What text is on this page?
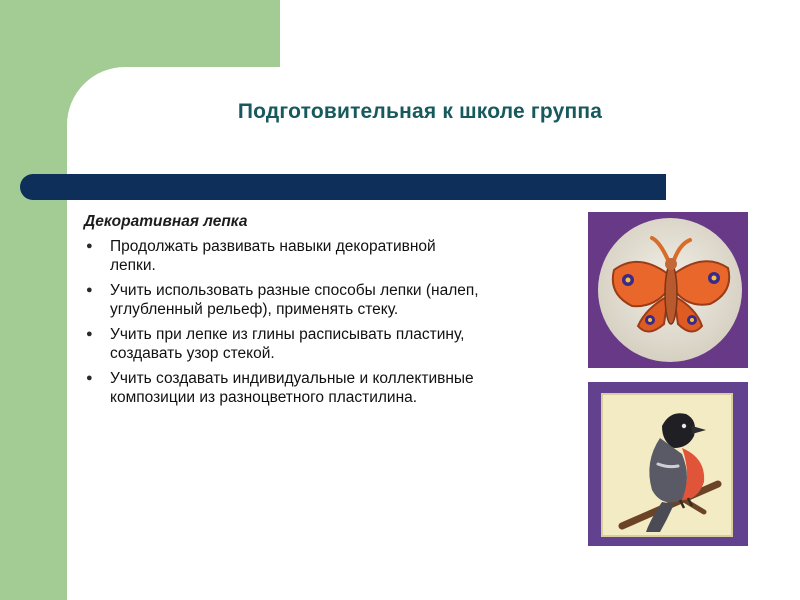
Подготовительная к школе группа
Декоративная лепка
● Продолжать развивать навыки декоративной лепки.
● Учить использовать разные способы лепки (налеп, углубленный рельеф), применять стеку.
● Учить при лепке из глины расписывать пластину, создавать узор стекой.
● Учить создавать индивидуальные и коллективные композиции из разноцветного пластилина.
